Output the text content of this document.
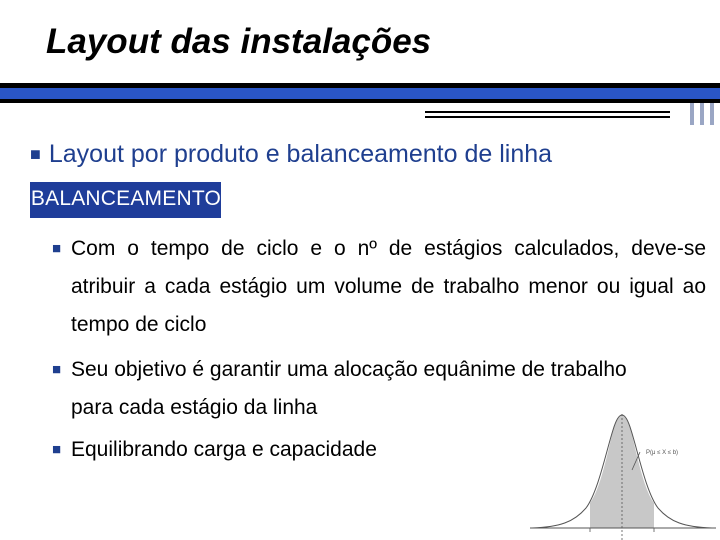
Layout das instalações
■ Layout por produto e balanceamento de linha
BALANCEAMENTO
■ Com o tempo de ciclo e o nº de estágios calculados, deve-se atribuir a cada estágio um volume de trabalho menor ou igual ao tempo de ciclo
■ Seu objetivo é garantir uma alocação equânime de trabalho para cada estágio da linha
■ Equilibrando carga e capacidade	P(μ ≤ X ≤ b)
